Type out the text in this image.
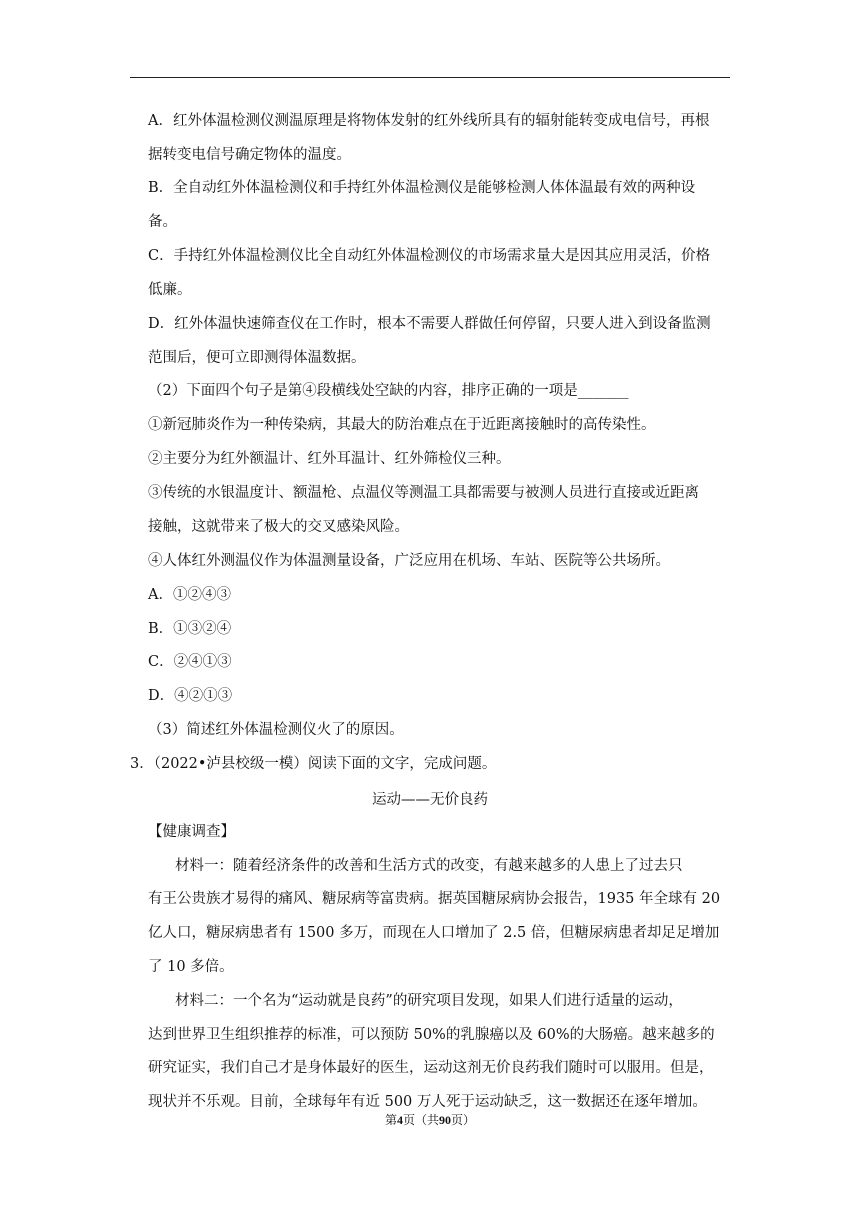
A．红外体温检测仪测温原理是将物体发射的红外线所具有的辐射能转变成电信号，再根
据转变电信号确定物体的温度。
B．全自动红外体温检测仪和手持红外体温检测仪是能够检测人体体温最有效的两种设
备。
C．手持红外体温检测仪比全自动红外体温检测仪的市场需求量大是因其应用灵活，价格
低廉。
D．红外体温快速筛查仪在工作时，根本不需要人群做任何停留，只要人进入到设备监测
范围后，便可立即测得体温数据。
（2）下面四个句子是第④段横线处空缺的内容，排序正确的一项是_______
①新冠肺炎作为一种传染病，其最大的防治难点在于近距离接触时的高传染性。
②主要分为红外额温计、红外耳温计、红外筛检仪三种。
③传统的水银温度计、额温枪、点温仪等测温工具都需要与被测人员进行直接或近距离
接触，这就带来了极大的交叉感染风险。
④人体红外测温仪作为体温测量设备，广泛应用在机场、车站、医院等公共场所。
A．①②④③
B．①③②④
C．②④①③
D．④②①③
（3）简述红外体温检测仪火了的原因。
3．（2022•泸县校级一模）阅读下面的文字，完成问题。
运动——无价良药
【健康调查】
材料一：随着经济条件的改善和生活方式的改变，有越来越多的人患上了过去只
有王公贵族才易得的痛风、糖尿病等富贵病。据英国糖尿病协会报告，1935 年全球有 20
亿人口，糖尿病患者有 1500 多万，而现在人口增加了 2.5 倍，但糖尿病患者却足足增加
了 10 多倍。
材料二：一个名为“运动就是良药”的研究项目发现，如果人们进行适量的运动，
达到世界卫生组织推荐的标准，可以预防 50%的乳腺癌以及 60%的大肠癌。越来越多的
研究证实，我们自己才是身体最好的医生，运动这剂无价良药我们随时可以服用。但是，
现状并不乐观。目前，全球每年有近 500 万人死于运动缺乏，这一数据还在逐年增加。
第4页（共90页）
